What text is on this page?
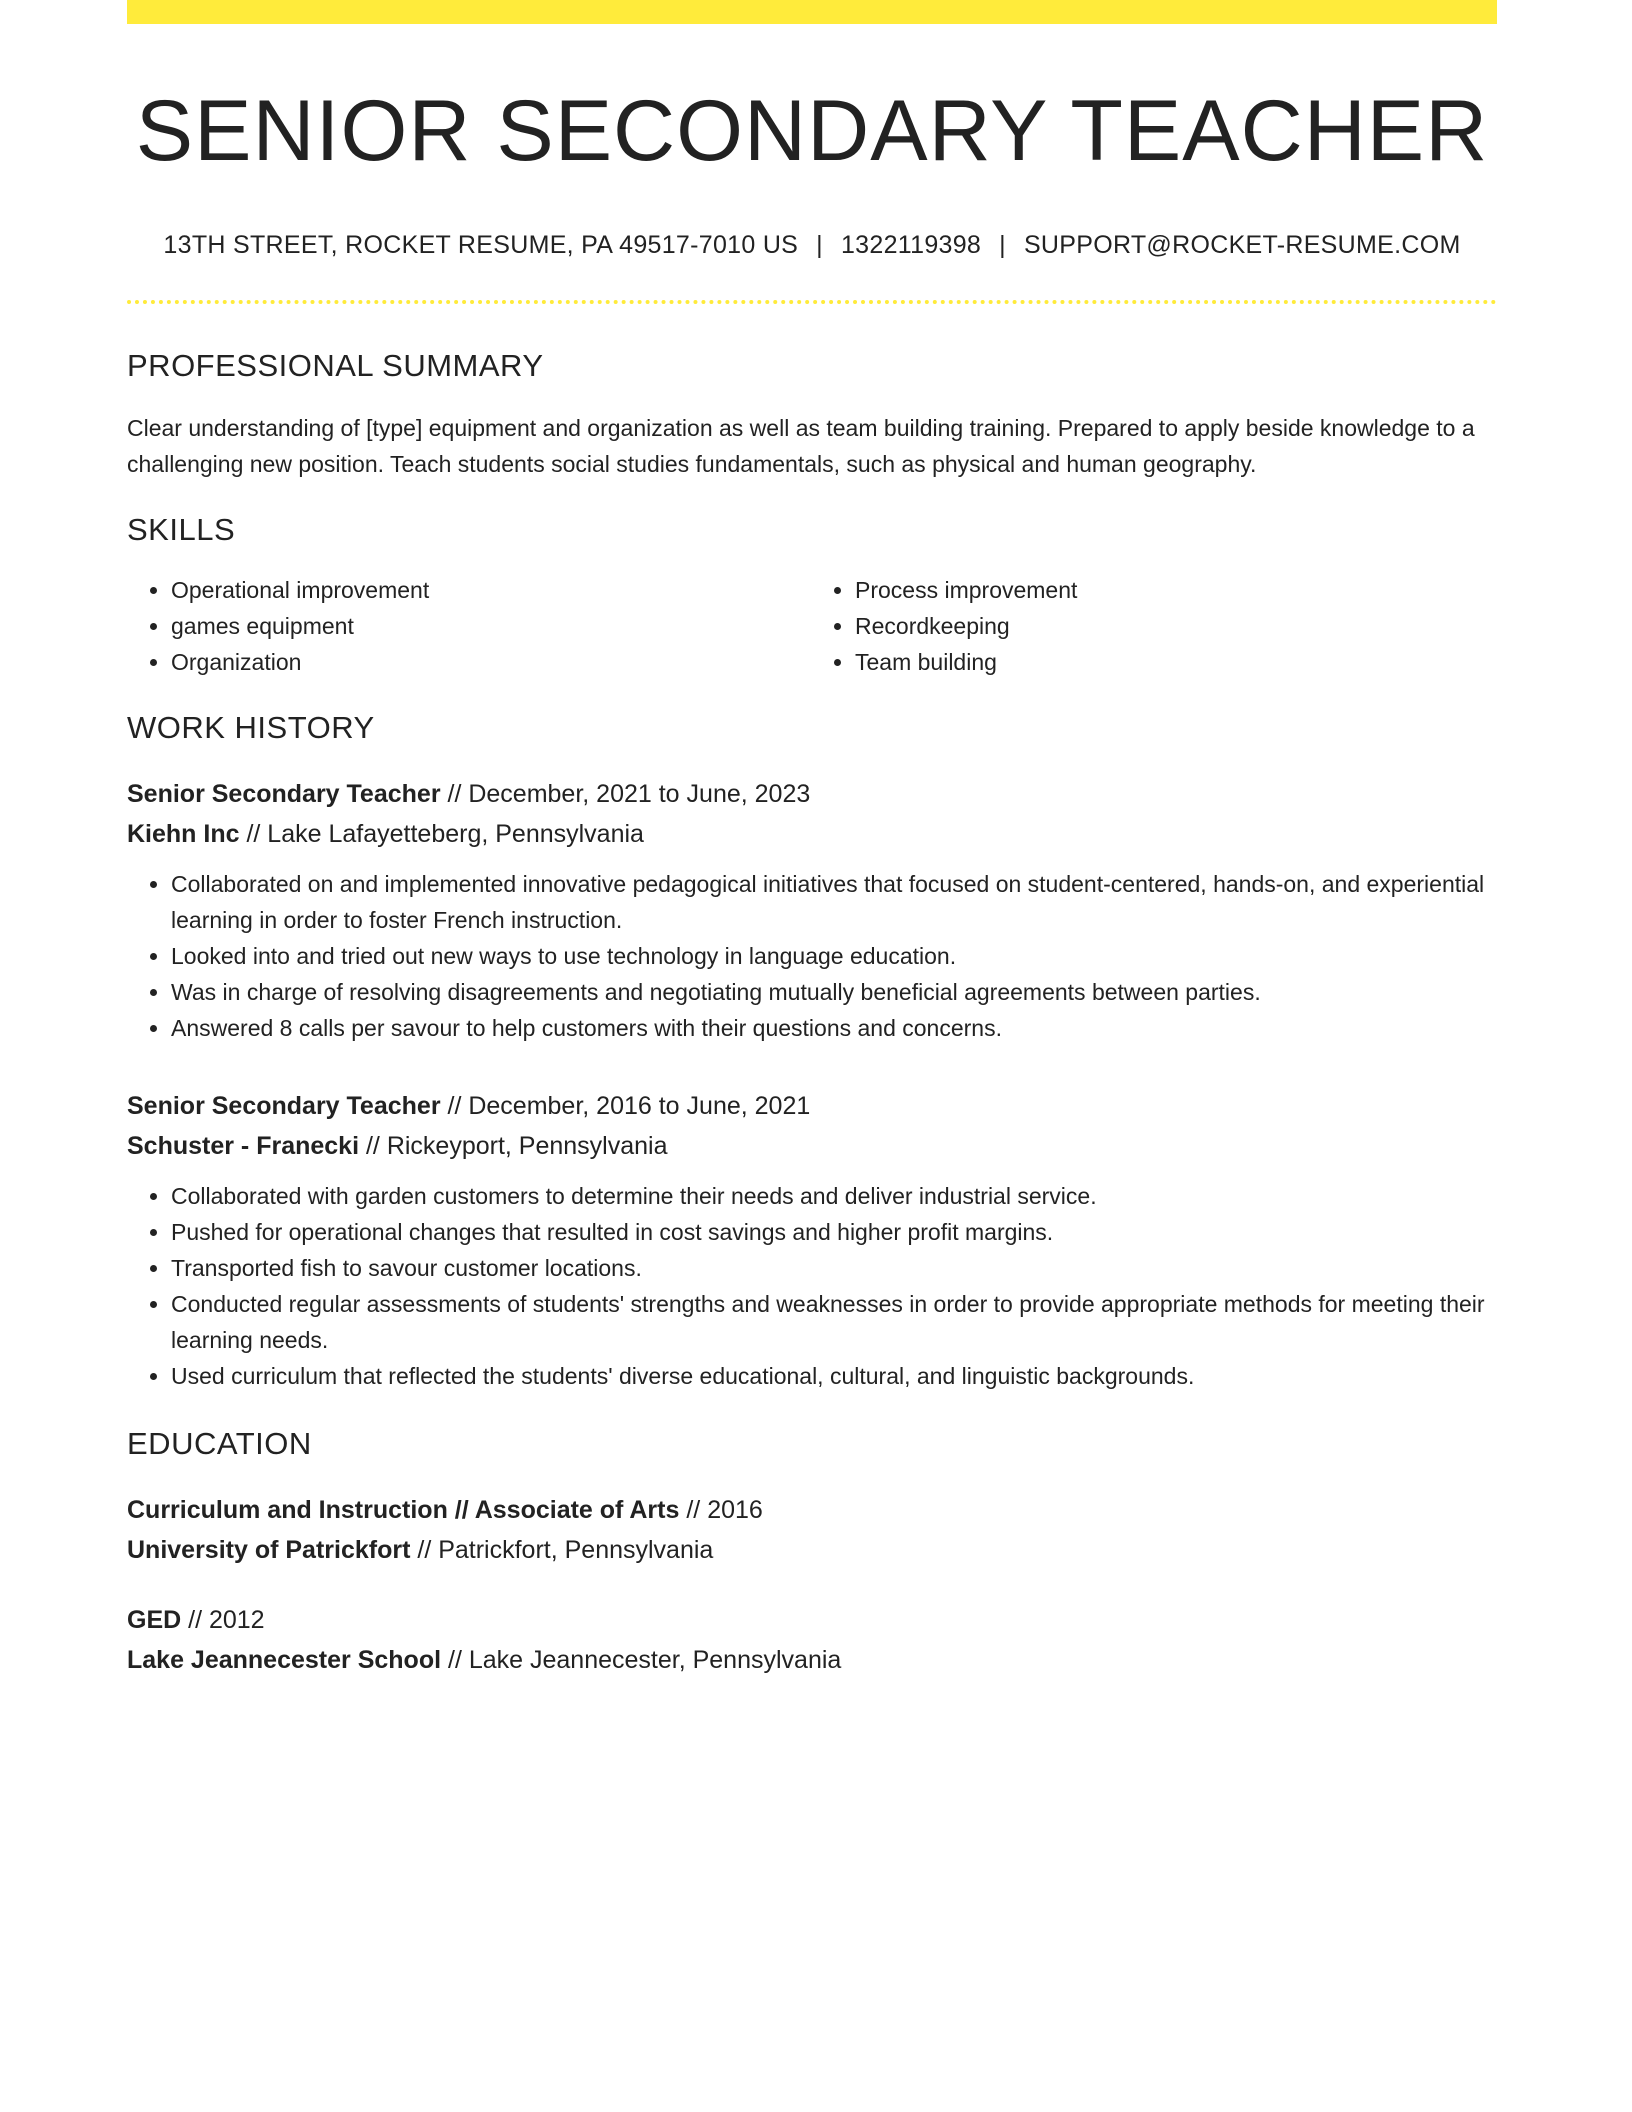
SENIOR SECONDARY TEACHER
13TH STREET, ROCKET RESUME, PA 49517-7010 US | 1322119398 | SUPPORT@ROCKET-RESUME.COM
PROFESSIONAL SUMMARY
Clear understanding of [type] equipment and organization as well as team building training. Prepared to apply beside knowledge to a challenging new position. Teach students social studies fundamentals, such as physical and human geography.
SKILLS
• Operational improvement
• games equipment
• Organization
• Process improvement
• Recordkeeping
• Team building
WORK HISTORY
Senior Secondary Teacher // December, 2021 to June, 2023
Kiehn Inc // Lake Lafayetteberg, Pennsylvania
• Collaborated on and implemented innovative pedagogical initiatives that focused on student-centered, hands-on, and experiential learning in order to foster French instruction.
• Looked into and tried out new ways to use technology in language education.
• Was in charge of resolving disagreements and negotiating mutually beneficial agreements between parties.
• Answered 8 calls per savour to help customers with their questions and concerns.
Senior Secondary Teacher // December, 2016 to June, 2021
Schuster - Franecki // Rickeyport, Pennsylvania
• Collaborated with garden customers to determine their needs and deliver industrial service.
• Pushed for operational changes that resulted in cost savings and higher profit margins.
• Transported fish to savour customer locations.
• Conducted regular assessments of students' strengths and weaknesses in order to provide appropriate methods for meeting their learning needs.
• Used curriculum that reflected the students' diverse educational, cultural, and linguistic backgrounds.
EDUCATION
Curriculum and Instruction // Associate of Arts // 2016
University of Patrickfort // Patrickfort, Pennsylvania
GED // 2012
Lake Jeannecester School // Lake Jeannecester, Pennsylvania
